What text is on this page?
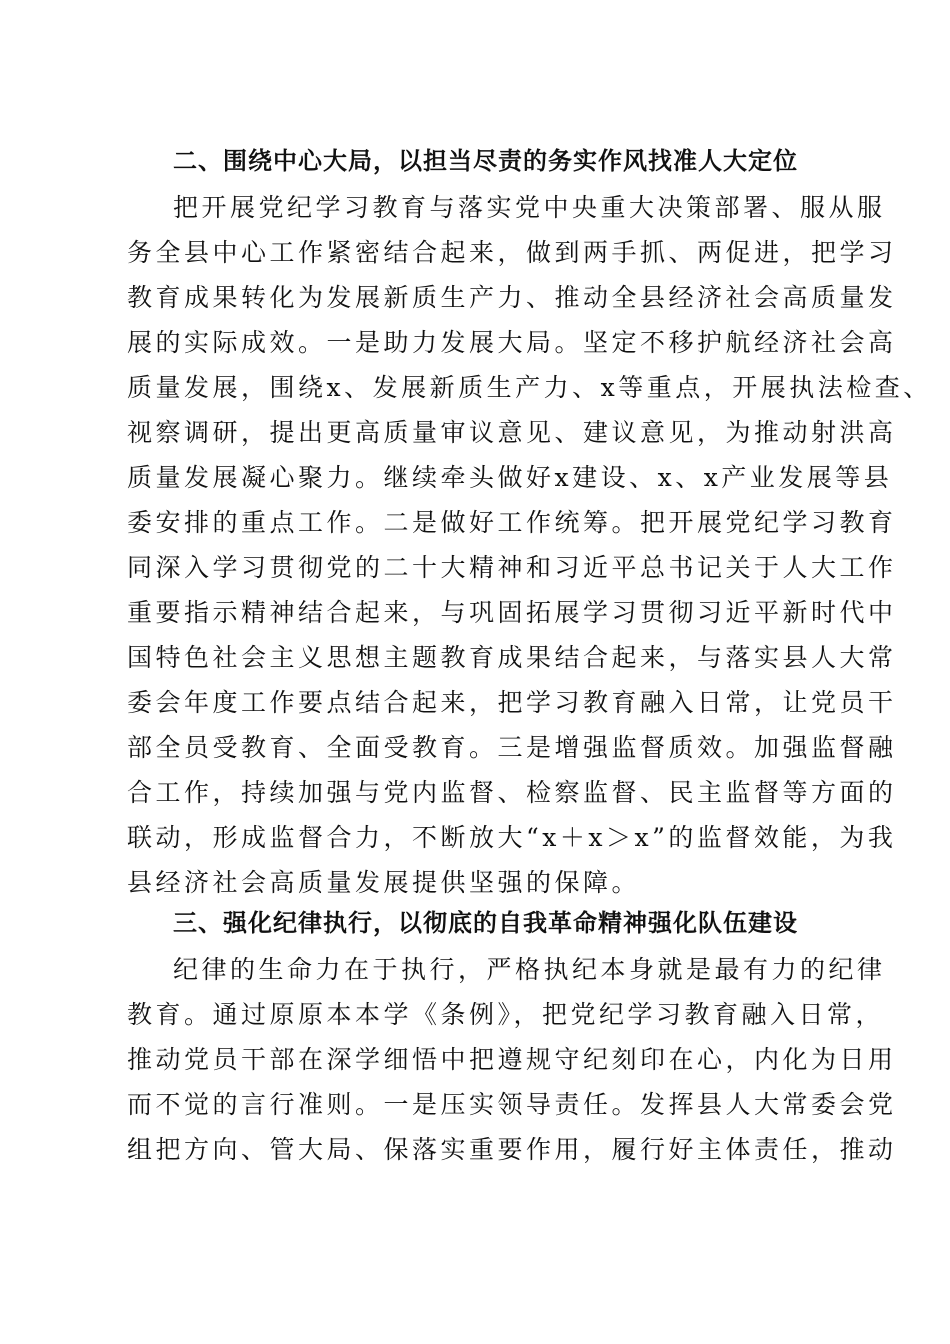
二、围绕中心大局，以担当尽责的务实作风找准人大定位
把开展党纪学习教育与落实党中央重大决策部署、服从服
务全县中心工作紧密结合起来，做到两手抓、两促进，把学习
教育成果转化为发展新质生产力、推动全县经济社会高质量发
展的实际成效。一是助力发展大局。坚定不移护航经济社会高
质量发展，围绕x、发展新质生产力、x等重点，开展执法检查、
视察调研，提出更高质量审议意见、建议意见，为推动射洪高
质量发展凝心聚力。继续牵头做好x建设、x、x产业发展等县
委安排的重点工作。二是做好工作统筹。把开展党纪学习教育
同深入学习贯彻党的二十大精神和习近平总书记关于人大工作
重要指示精神结合起来，与巩固拓展学习贯彻习近平新时代中
国特色社会主义思想主题教育成果结合起来，与落实县人大常
委会年度工作要点结合起来，把学习教育融入日常，让党员干
部全员受教育、全面受教育。三是增强监督质效。加强监督融
合工作，持续加强与党内监督、检察监督、民主监督等方面的
联动，形成监督合力，不断放大“x＋x＞x”的监督效能，为我
县经济社会高质量发展提供坚强的保障。
三、强化纪律执行，以彻底的自我革命精神强化队伍建设
纪律的生命力在于执行，严格执纪本身就是最有力的纪律
教育。通过原原本本学《条例》，把党纪学习教育融入日常，
推动党员干部在深学细悟中把遵规守纪刻印在心，内化为日用
而不觉的言行准则。一是压实领导责任。发挥县人大常委会党
组把方向、管大局、保落实重要作用，履行好主体责任，推动
